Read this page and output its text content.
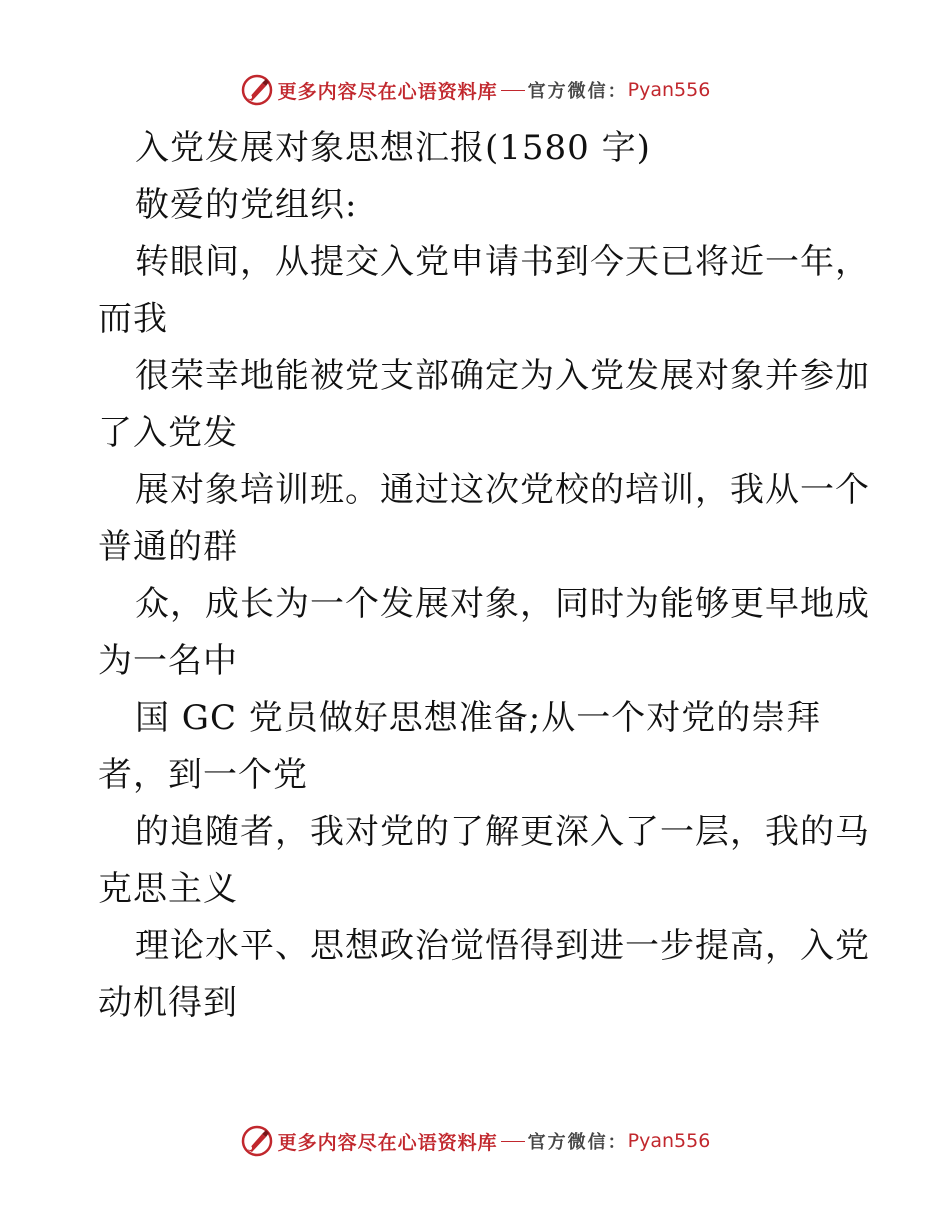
更多内容尽在心语资料库 官方微信： Pyan556
入党发展对象思想汇报(1580 字)
敬爱的党组织:
转眼间，从提交入党申请书到今天已将近一年，
而我
很荣幸地能被党支部确定为入党发展对象并参加
了入党发
展对象培训班。通过这次党校的培训，我从一个
普通的群
众，成长为一个发展对象，同时为能够更早地成
为一名中
国 GC 党员做好思想准备;从一个对党的崇拜
者，到一个党
的追随者，我对党的了解更深入了一层，我的马
克思主义
理论水平、思想政治觉悟得到进一步提高，入党
动机得到
更多内容尽在心语资料库 官方微信： Pyan556
